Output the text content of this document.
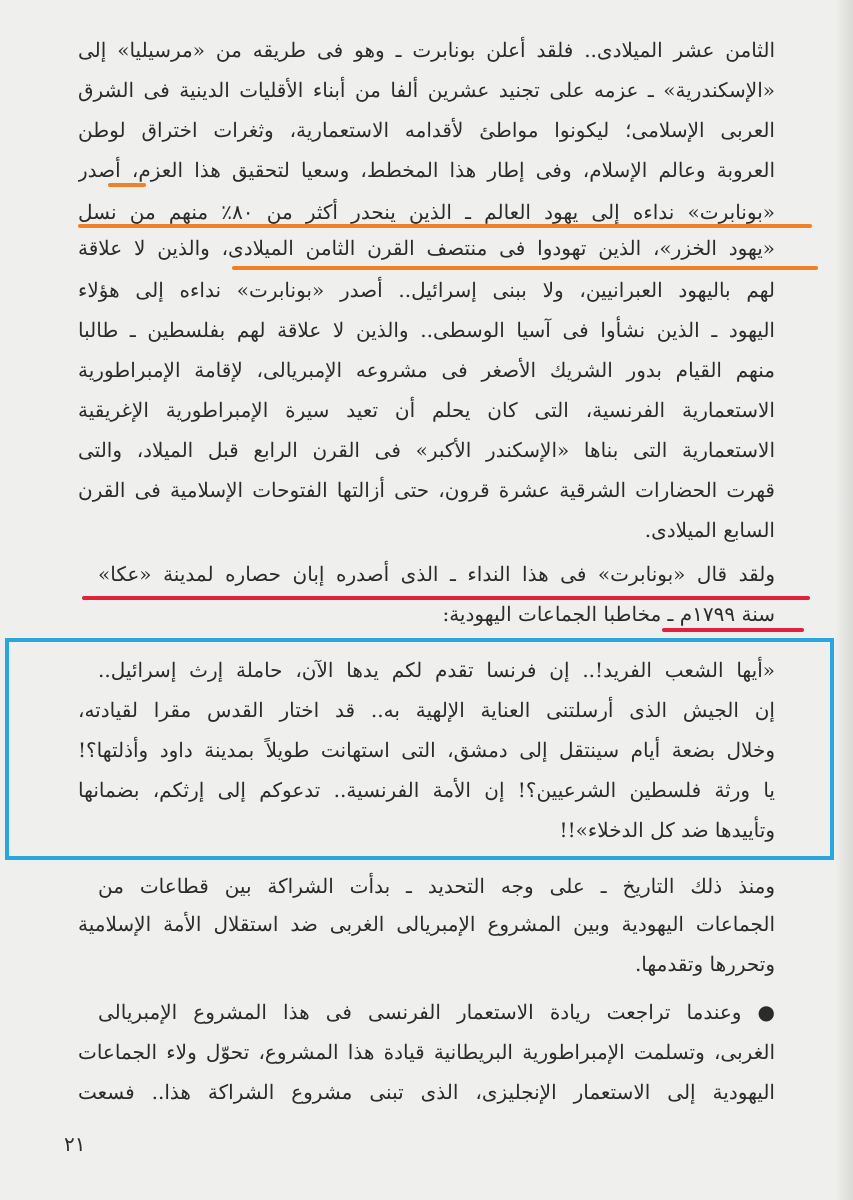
الثامن عشر الميلادى.. فلقد أعلن بونابرت ـ وهو فى طريقه من «مرسيليا» إلى
«الإسكندرية» ـ عزمه على تجنيد عشرين ألفا من أبناء الأقليات الدينية فى الشرق
العربى الإسلامى؛ ليكونوا مواطئ لأقدامه الاستعمارية، وثغرات اختراق لوطن
العروبة وعالم الإسلام، وفى إطار هذا المخطط، وسعيا لتحقيق هذا العزم، أصدر
«بونابرت» نداءه إلى يهود العالم ـ الذين ينحدر أكثر من ٨٠٪ منهم من نسل
«يهود الخزر»، الذين تهودوا فى منتصف القرن الثامن الميلادى، والذين لا علاقة
لهم باليهود العبرانيين، ولا ببنى إسرائيل.. أصدر «بونابرت» نداءه إلى هؤلاء
اليهود ـ الذين نشأوا فى آسيا الوسطى.. والذين لا علاقة لهم بفلسطين ـ طالبا
منهم القيام بدور الشريك الأصغر فى مشروعه الإمبريالى، لإقامة الإمبراطورية
الاستعمارية الفرنسية، التى كان يحلم أن تعيد سيرة الإمبراطورية الإغريقية
الاستعمارية التى بناها «الإسكندر الأكبر» فى القرن الرابع قبل الميلاد، والتى
قهرت الحضارات الشرقية عشرة قرون، حتى أزالتها الفتوحات الإسلامية فى القرن
السابع الميلادى.
ولقد قال «بونابرت» فى هذا النداء ـ الذى أصدره إبان حصاره لمدينة «عكا»
سنة ١٧٩٩م ـ مخاطبا الجماعات اليهودية:
«أيها الشعب الفريد!.. إن فرنسا تقدم لكم يدها الآن، حاملة إرث إسرائيل..
إن الجيش الذى أرسلتنى العناية الإلهية به.. قد اختار القدس مقرا لقيادته،
وخلال بضعة أيام سينتقل إلى دمشق، التى استهانت طويلاً بمدينة داود وأذلتها؟!
يا ورثة فلسطين الشرعيين؟! إن الأمة الفرنسية.. تدعوكم إلى إرثكم، بضمانها
وتأييدها ضد كل الدخلاء»!!
ومنذ ذلك التاريخ ـ على وجه التحديد ـ بدأت الشراكة بين قطاعات من
الجماعات اليهودية وبين المشروع الإمبريالى الغربى ضد استقلال الأمة الإسلامية
وتحررها وتقدمها.
● وعندما تراجعت ريادة الاستعمار الفرنسى فى هذا المشروع الإمبريالى
الغربى، وتسلمت الإمبراطورية البريطانية قيادة هذا المشروع، تحوّل ولاء الجماعات
اليهودية إلى الاستعمار الإنجليزى، الذى تبنى مشروع الشراكة هذا.. فسعت
٢١
